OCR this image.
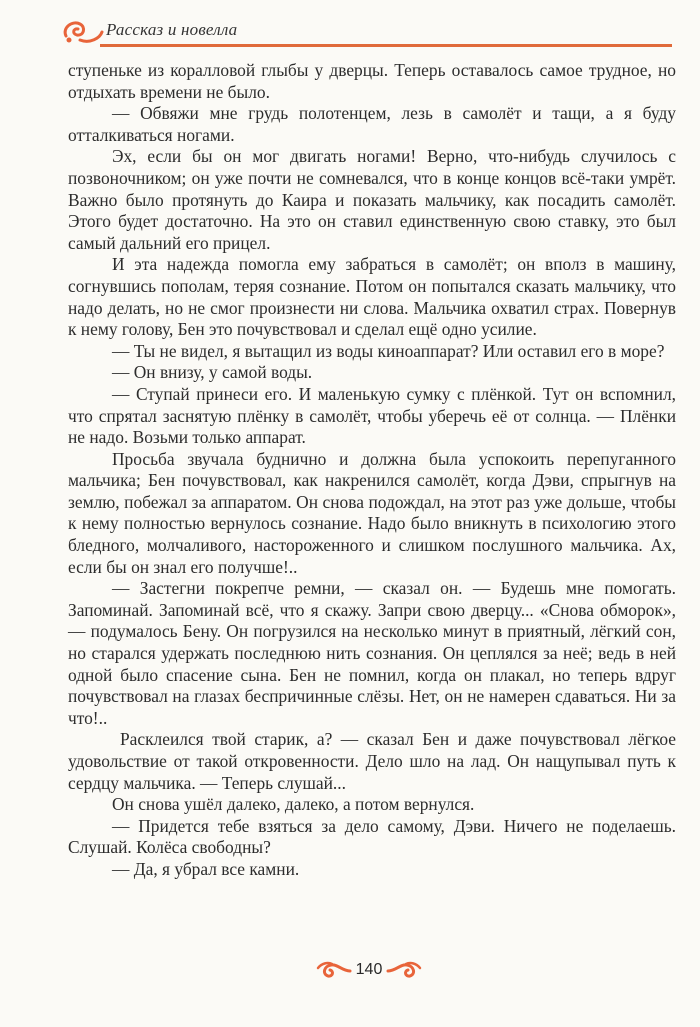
Рассказ и новелла

ступеньке из коралловой глыбы у дверцы. Теперь оставалось самое трудное, но отдыхать времени не было.

— Обвяжи мне грудь полотенцем, лезь в самолёт и тащи, а я буду отталкиваться ногами.

Эх, если бы он мог двигать ногами! Верно, что-нибудь случилось с позвоночником; он уже почти не сомневался, что в конце концов всё-таки умрёт. Важно было протянуть до Каира и показать мальчику, как посадить самолёт. Этого будет достаточно. На это он ставил единственную свою ставку, это был самый дальний его прицел.

И эта надежда помогла ему забраться в самолёт; он вполз в машину, согнувшись пополам, теряя сознание. Потом он попытался сказать мальчику, что надо делать, но не смог произнести ни слова. Мальчика охватил страх. Повернув к нему голову, Бен это почувствовал и сделал ещё одно усилие.

— Ты не видел, я вытащил из воды киноаппарат? Или оставил его в море?

— Он внизу, у самой воды.

— Ступай принеси его. И маленькую сумку с плёнкой. Тут он вспомнил, что спрятал заснятую плёнку в самолёт, чтобы уберечь её от солнца. — Плёнки не надо. Возьми только аппарат.

Просьба звучала буднично и должна была успокоить перепуганного мальчика; Бен почувствовал, как накренился самолёт, когда Дэви, спрыгнув на землю, побежал за аппаратом. Он снова подождал, на этот раз уже дольше, чтобы к нему полностью вернулось сознание. Надо было вникнуть в психологию этого бледного, молчаливого, настороженного и слишком послушного мальчика. Ах, если бы он знал его получше!..

— Застегни покрепче ремни, — сказал он. — Будешь мне помогать. Запоминай. Запоминай всё, что я скажу. Запри свою дверцу... «Снова обморок», — подумалось Бену. Он погрузился на несколько минут в приятный, лёгкий сон, но старался удержать последнюю нить сознания. Он цеплялся за неё; ведь в ней одной было спасение сына. Бен не помнил, когда он плакал, но теперь вдруг почувствовал на глазах беспричинные слёзы. Нет, он не намерен сдаваться. Ни за что!..

Расклеился твой старик, а? — сказал Бен и даже почувствовал лёгкое удовольствие от такой откровенности. Дело шло на лад. Он нащупывал путь к сердцу мальчика. — Теперь слушай...

Он снова ушёл далеко, далеко, а потом вернулся.

— Придется тебе взяться за дело самому, Дэви. Ничего не поделаешь. Слушай. Колёса свободны?

— Да, я убрал все камни.

140
